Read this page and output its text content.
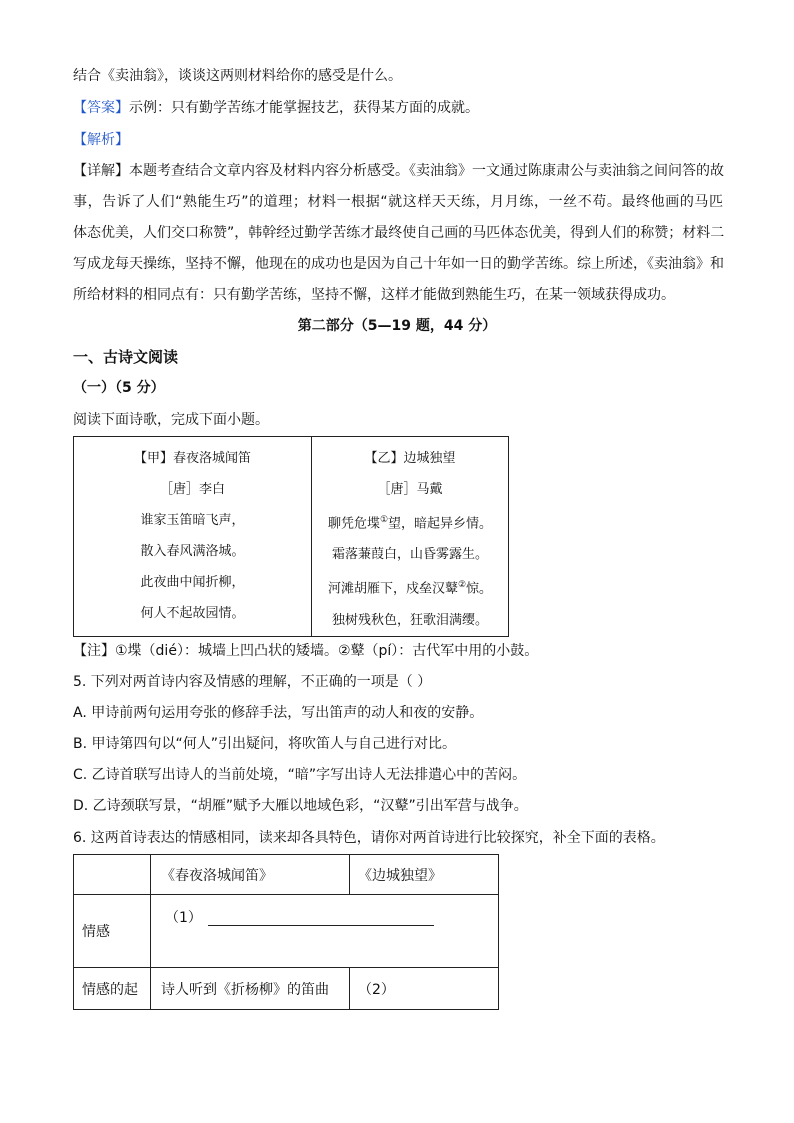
结合《卖油翁》，谈谈这两则材料给你的感受是什么。
【答案】示例：只有勤学苦练才能掌握技艺，获得某方面的成就。
【解析】
【详解】本题考查结合文章内容及材料内容分析感受。《卖油翁》一文通过陈康肃公与卖油翁之间问答的故
事，告诉了人们“熟能生巧”的道理；材料一根据“就这样天天练，月月练，一丝不苟。最终他画的马匹
体态优美，人们交口称赞”，韩幹经过勤学苦练才最终使自己画的马匹体态优美，得到人们的称赞；材料二
写成龙每天操练，坚持不懈，他现在的成功也是因为自己十年如一日的勤学苦练。综上所述，《卖油翁》和
所给材料的相同点有：只有勤学苦练，坚持不懈，这样才能做到熟能生巧，在某一领域获得成功。
第二部分（5—19 题，44 分）
一、古诗文阅读
（一）（5 分）
阅读下面诗歌，完成下面小题。
【甲】春夜洛城闻笛
［唐］李白
谁家玉笛暗飞声，
散入春风满洛城。
此夜曲中闻折柳，
何人不起故园情。

【乙】边城独望
［唐］马戴
聊凭危堞①望，暗起异乡情。
霜落蒹葭白，山昏雾露生。
河滩胡雁下，戍垒汉鼙②惊。
独树残秋色，狂歌泪满缨。
【注】①堞（dié）：城墙上凹凸状的矮墙。②鼙（pí）：古代军中用的小鼓。
5. 下列对两首诗内容及情感的理解，不正确的一项是（ ）
A. 甲诗前两句运用夸张的修辞手法，写出笛声的动人和夜的安静。
B. 甲诗第四句以“何人”引出疑问，将吹笛人与自己进行对比。
C. 乙诗首联写出诗人的当前处境，“暗”字写出诗人无法排遣心中的苦闷。
D. 乙诗颈联写景，“胡雁”赋予大雁以地域色彩，“汉鼙”引出军营与战争。
6. 这两首诗表达的情感相同，读来却各具特色，请你对两首诗进行比较探究，补全下面的表格。
	《春夜洛城闻笛》	《边城独望》
情感	（1）	
情感的起	诗人听到《折杨柳》的笛曲	（2）
